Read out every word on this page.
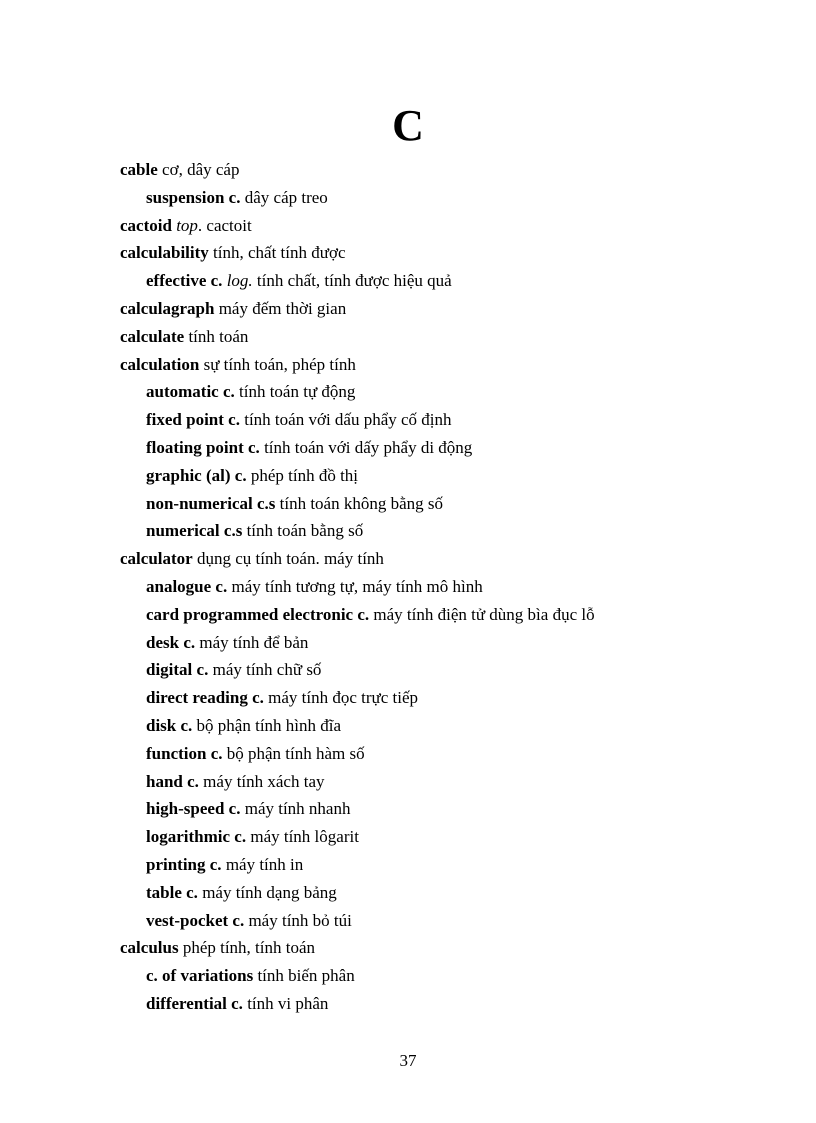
C
cable cơ, dây cáp
suspension c. dây cáp treo
cactoid top. cactoit
calculability tính, chất tính được
effective c. log. tính chất, tính được hiệu quả
calculagraph máy đếm thời gian
calculate tính toán
calculation sự tính toán, phép tính
automatic c. tính toán tự động
fixed point c. tính toán với dấu phẩy cố định
floating point c. tính toán với dấy phẩy di động
graphic (al) c. phép tính đồ thị
non-numerical c.s tính toán không bằng số
numerical c.s tính toán bằng số
calculator dụng cụ tính toán. máy tính
analogue c. máy tính tương tự, máy tính mô hình
card programmed electronic c. máy tính điện tử dùng bìa đục lỗ
desk c. máy tính để bản
digital c. máy tính chữ số
direct reading c. máy tính đọc trực tiếp
disk c. bộ phận tính hình đĩa
function c. bộ phận tính hàm số
hand c. máy tính xách tay
high-speed c. máy tính nhanh
logarithmic c. máy tính lôgarit
printing c. máy tính in
table c. máy tính dạng bảng
vest-pocket c. máy tính bỏ túi
calculus phép tính, tính toán
c. of variations tính biến phân
differential c. tính vi phân
37
